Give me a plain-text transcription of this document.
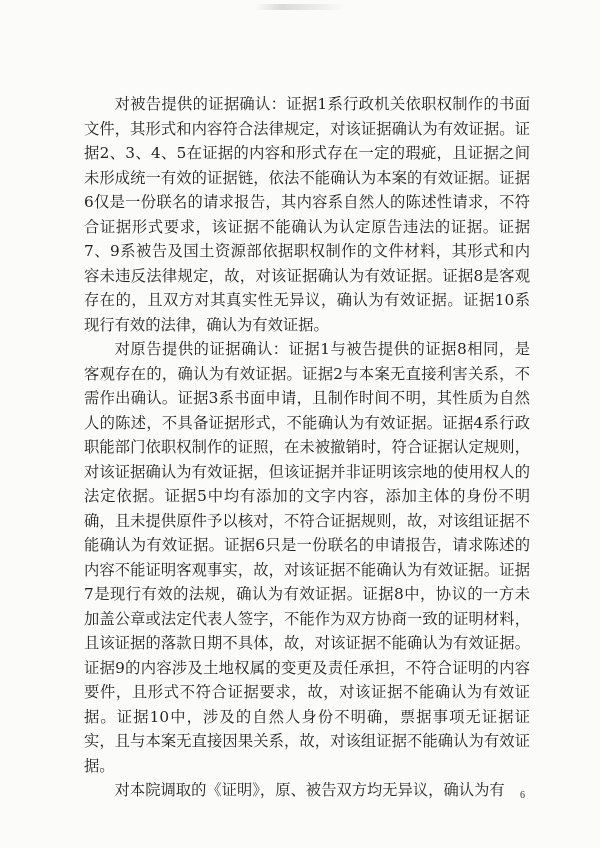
对被告提供的证据确认：证据1系行政机关依职权制作的书面文件，其形式和内容符合法律规定，对该证据确认为有效证据。证据2、3、4、5在证据的内容和形式存在一定的瑕疵，且证据之间未形成统一有效的证据链，依法不能确认为本案的有效证据。证据6仅是一份联名的请求报告，其内容系自然人的陈述性请求，不符合证据形式要求，该证据不能确认为认定原告违法的证据。证据7、9系被告及国土资源部依据职权制作的文件材料，其形式和内容未违反法律规定，故，对该证据确认为有效证据。证据8是客观存在的，且双方对其真实性无异议，确认为有效证据。证据10系现行有效的法律，确认为有效证据。

对原告提供的证据确认：证据1与被告提供的证据8相同，是客观存在的，确认为有效证据。证据2与本案无直接利害关系，不需作出确认。证据3系书面申请，且制作时间不明，其性质为自然人的陈述，不具备证据形式，不能确认为有效证据。证据4系行政职能部门依职权制作的证照，在未被撤销时，符合证据认定规则，对该证据确认为有效证据，但该证据并非证明该宗地的使用权人的法定依据。证据5中均有添加的文字内容，添加主体的身份不明确，且未提供原件予以核对，不符合证据规则，故，对该组证据不能确认为有效证据。证据6只是一份联名的申请报告，请求陈述的内容不能证明客观事实，故，对该证据不能确认为有效证据。证据7是现行有效的法规，确认为有效证据。证据8中，协议的一方未加盖公章或法定代表人签字，不能作为双方协商一致的证明材料，且该证据的落款日期不具体，故，对该证据不能确认为有效证据。证据9的内容涉及土地权属的变更及责任承担，不符合证明的内容要件，且形式不符合证据要求，故，对该证据不能确认为有效证据。证据10中，涉及的自然人身份不明确，票据事项无证据证实，且与本案无直接因果关系，故，对该组证据不能确认为有效证据。

对本院调取的《证明》，原、被告双方均无异议，确认为有	6
